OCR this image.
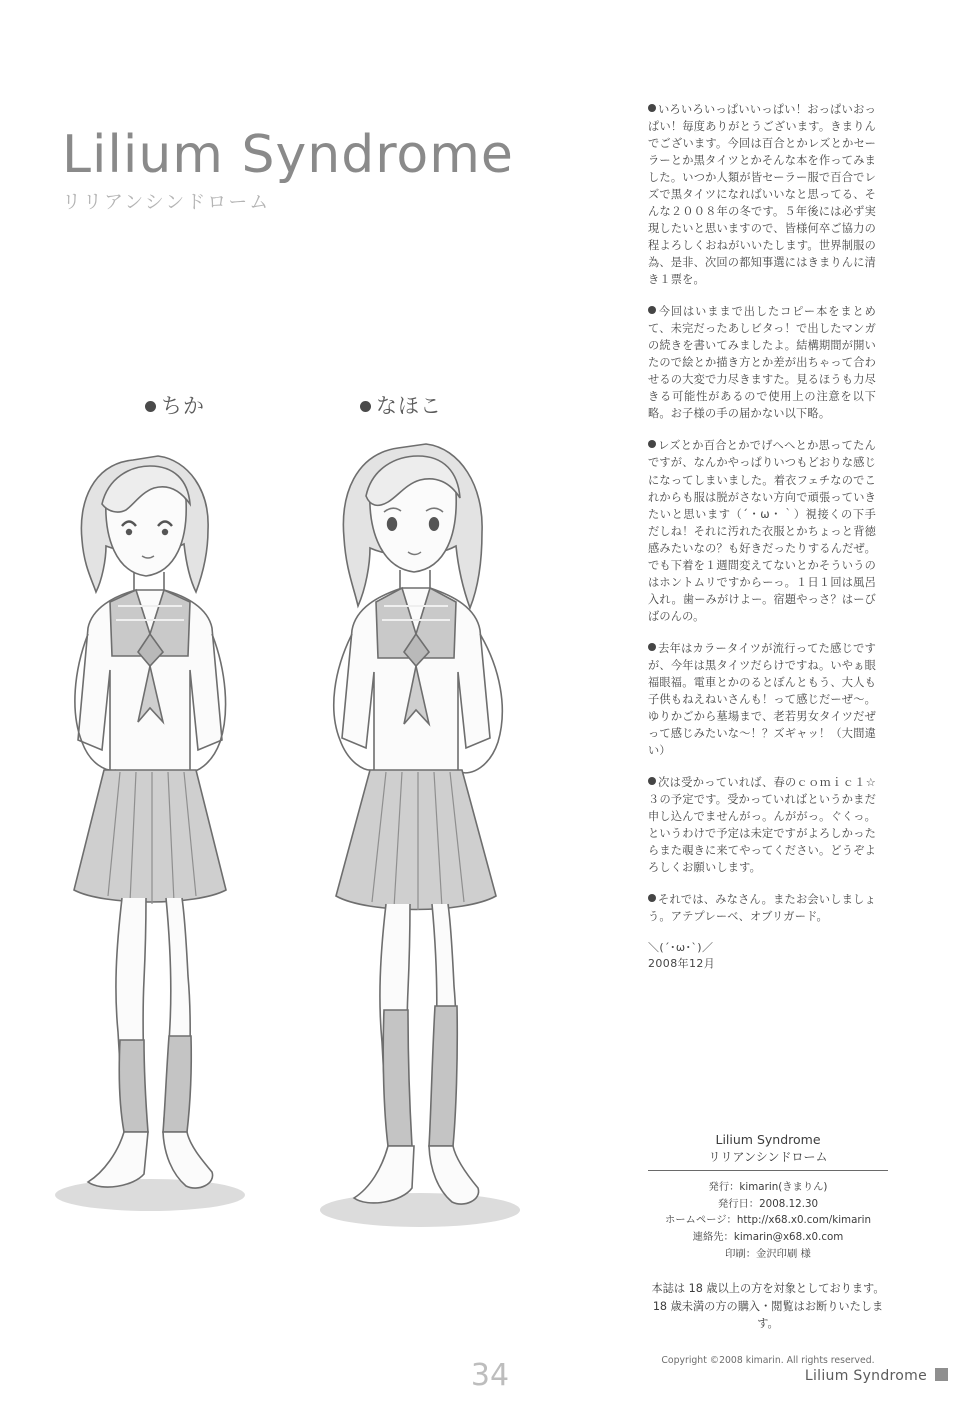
Lilium Syndrome
リリアンシンドローム
ちか	なほこ

いろいろいっぱいいっぱい！おっぱいおっぱい！毎度ありがとうございます。きまりんでございます。今回は百合とかレズとかセーラーとか黒タイツとかそんな本を作ってみました。いつか人類が皆セーラー服で百合でレズで黒タイツになればいいなと思ってる、そんな２００８年の冬です。５年後には必ず実現したいと思いますので、皆様何卒ご協力の程よろしくおねがいいたします。世界制服の為、是非、次回の都知事選にはきまりんに清き１票を。

今回はいままで出したコピー本をまとめて、未完だったあしビタっ！で出したマンガの続きを書いてみましたよ。結構期間が開いたので絵とか描き方とか差が出ちゃって合わせるの大変で力尽きますた。見るほうも力尽きる可能性があるので使用上の注意を以下略。お子様の手の届かない以下略。

レズとか百合とかでげへへとか思ってたんですが、なんかやっぱりいつもどおりな感じになってしまいました。着衣フェチなのでこれからも服は脱がさない方向で頑張っていきたいと思います（´・ω・｀）視接くの下手だしね！それに汚れた衣服とかちょっと背徳感みたいなの？も好きだったりするんだぜ。でも下着を１週間変えてないとかそういうのはホントムリですからーっ。１日１回は風呂入れ。歯ーみがけよー。宿題やっさ？はーびばのんの。

去年はカラータイツが流行ってた感じですが、今年は黒タイツだらけですね。いやぁ眼福眼福。電車とかのるとぼんともう、大人も子供もねえねいさんも！って感じだーぜ〜。ゆりかごから墓場まで、老若男女タイツだぜって感じみたいな〜！？ズギャッ！（大間違い）

次は受かっていれば、春のｃｏｍｉｃ１☆３の予定です。受かっていればというかまだ申し込んでませんがっ。んががっ。ぐくっ。というわけで予定は未定ですがよろしかったらまた覗きに来てやってください。どうぞよろしくお願いします。

それでは、みなさん。またお会いしましょう。アテプレーベ、オブリガード。

＼(´･ω･`)／
2008年12月
Lilium Syndrome
リリアンシンドローム
発行：kimarin(きまりん)
発行日：2008.12.30
ホームページ：http://x68.x0.com/kimarin
連絡先：kimarin@x68.x0.com
印刷：金沢印刷 様
本誌は 18 歳以上の方を対象としております。
18 歳未満の方の購入・閲覧はお断りいたします。
Copyright ©2008 kimarin. All rights reserved.
34	Lilium Syndrome
